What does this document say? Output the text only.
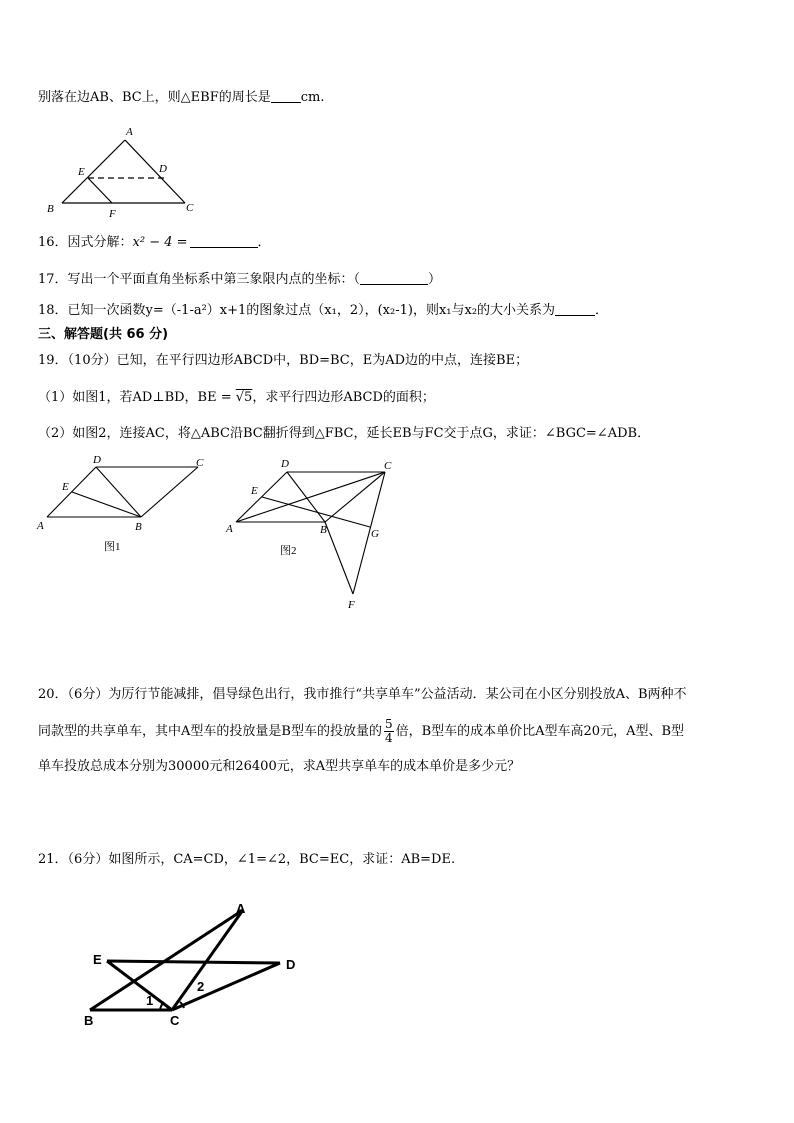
别落在边AB、BC上，则△EBF的周长是 cm.
A
E	D
B	F	C
16．因式分解：x² − 4 =	．
17．写出一个平面直角坐标系中第三象限内点的坐标：（	）
18．已知一次函数y=（-1-a²）x+1的图象过点（x₁，2），(x₂-1)，则x₁与x₂的大小关系为	．
三、解答题(共 66 分)
19．（10分）已知，在平行四边形ABCD中，BD=BC，E为AD边的中点，连接BE；
（1）如图1，若AD⊥BD，BE = √5，求平行四边形ABCD的面积；
（2）如图2，连接AC，将△ABC沿BC翻折得到△FBC，延长EB与FC交于点G，求证：∠BGC=∠ADB．
D	C
E
A	B
图1
D	C
E
A	B	G
F
图2
20．（6分）为厉行节能减排，倡导绿色出行，我市推行“共享单车”公益活动．某公司在小区分别投放A、B两种不
同款型的共享单车，其中A型车的投放量是B型车的投放量的 $\frac{5}{4}$ 倍，B型车的成本单价比A型车高20元，A型、B型
单车投放总成本分别为30000元和26400元，求A型共享单车的成本单价是多少元？
21．（6分）如图所示，CA=CD，∠1=∠2，BC=EC，求证：AB=DE.
A
E	D
B	C
1
2
